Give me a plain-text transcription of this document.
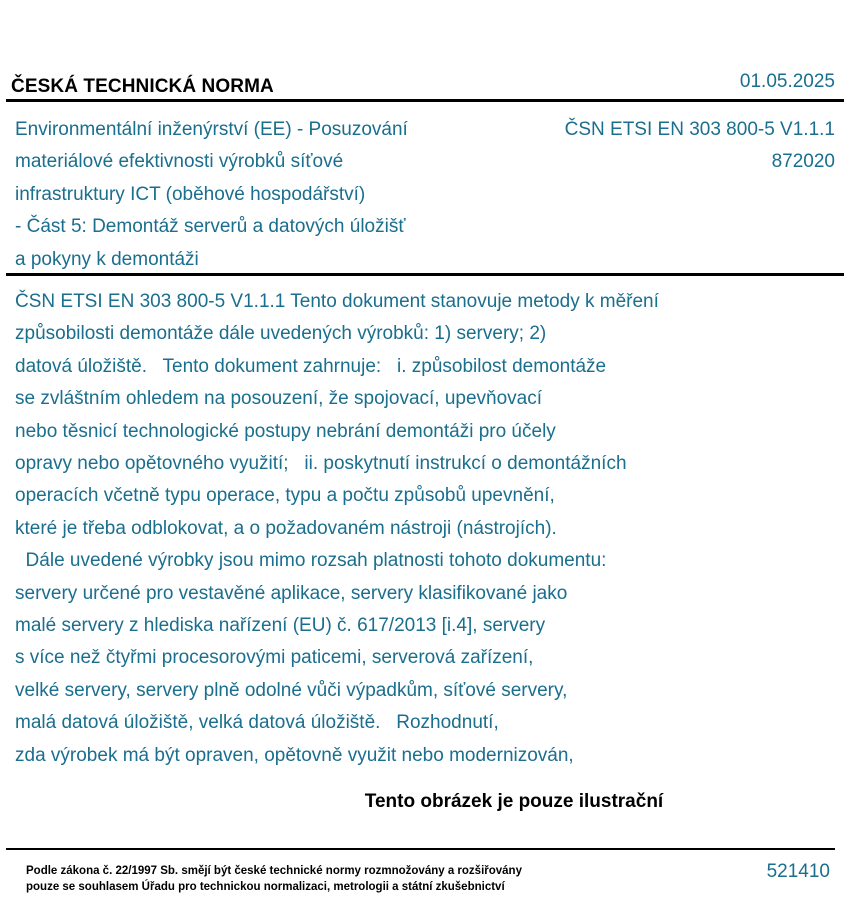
ČESKÁ TECHNICKÁ NORMA	01.05.2025
Environmentální inženýrství (EE) - Posuzování
materiálové efektivnosti výrobků síťové
infrastruktury ICT (oběhové hospodářství)
- Část 5: Demontáž serverů a datových úložišť
a pokyny k demontáži
ČSN ETSI EN 303 800-5 V1.1.1
872020
ČSN ETSI EN 303 800-5 V1.1.1 Tento dokument stanovuje metody k měření
způsobilosti demontáže dále uvedených výrobků: 1) servery; 2)
datová úložiště.   Tento dokument zahrnuje:   i. způsobilost demontáže
se zvláštním ohledem na posouzení, že spojovací, upevňovací
nebo těsnicí technologické postupy nebrání demontáži pro účely
opravy nebo opětovného využití;   ii. poskytnutí instrukcí o demontážních
operacích včetně typu operace, typu a počtu způsobů upevnění,
které je třeba odblokovat, a o požadovaném nástroji (nástrojích).
Dále uvedené výrobky jsou mimo rozsah platnosti tohoto dokumentu:
servery určené pro vestavěné aplikace, servery klasifikované jako
malé servery z hlediska nařízení (EU) č. 617/2013 [i.4], servery
s více než čtyřmi procesorovými paticemi, serverová zařízení,
velké servery, servery plně odolné vůči výpadkům, síťové servery,
malá datová úložiště, velká datová úložiště.   Rozhodnutí,
zda výrobek má být opraven, opětovně využit nebo modernizován,
Tento obrázek je pouze ilustrační
Podle zákona č. 22/1997 Sb. smějí být české technické normy rozmnožovány a rozšiřovány
pouze se souhlasem Úřadu pro technickou normalizaci, metrologii a státní zkušebnictví
521410
